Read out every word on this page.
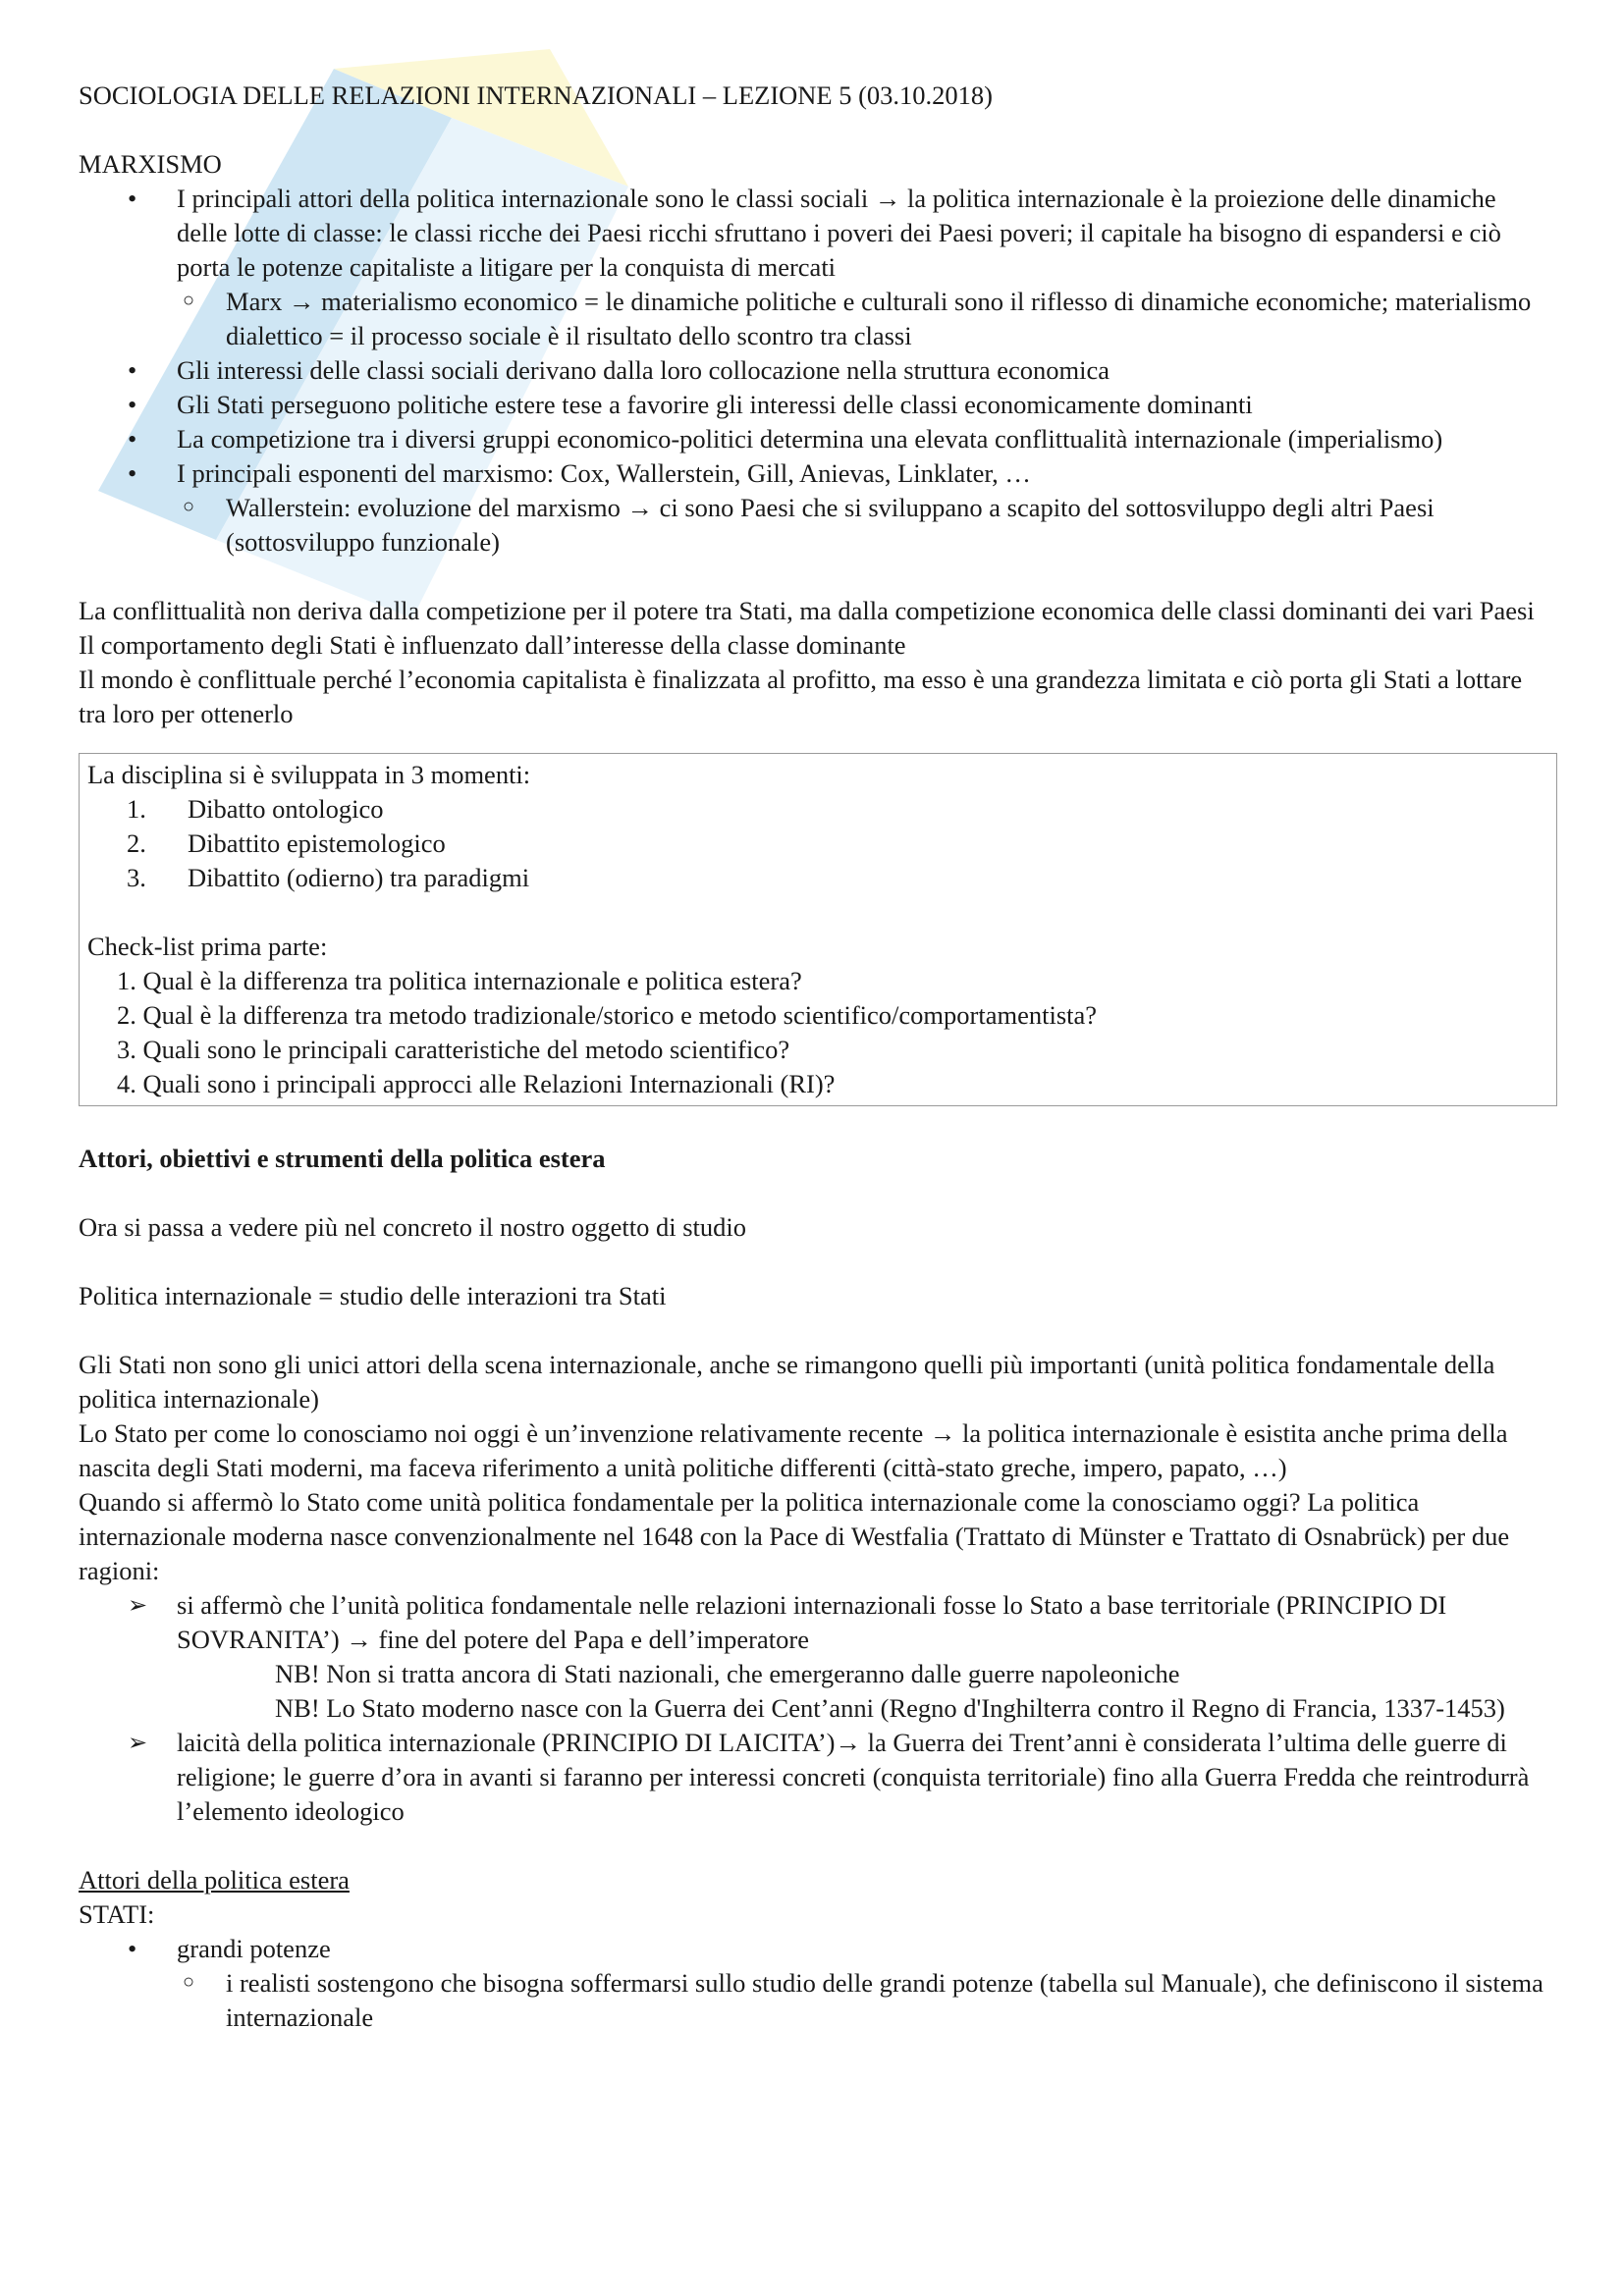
SOCIOLOGIA DELLE RELAZIONI INTERNAZIONALI – LEZIONE 5 (03.10.2018)

MARXISMO

• I principali attori della politica internazionale sono le classi sociali → la politica internazionale è la proiezione delle dinamiche delle lotte di classe: le classi ricche dei Paesi ricchi sfruttano i poveri dei Paesi poveri; il capitale ha bisogno di espandersi e ciò porta le potenze capitaliste a litigare per la conquista di mercati
○ Marx → materialismo economico = le dinamiche politiche e culturali sono il riflesso di dinamiche economiche; materialismo dialettico = il processo sociale è il risultato dello scontro tra classi
• Gli interessi delle classi sociali derivano dalla loro collocazione nella struttura economica
• Gli Stati perseguono politiche estere tese a favorire gli interessi delle classi economicamente dominanti
• La competizione tra i diversi gruppi economico-politici determina una elevata conflittualità internazionale (imperialismo)
• I principali esponenti del marxismo: Cox, Wallerstein, Gill, Anievas, Linklater, …
○ Wallerstein: evoluzione del marxismo → ci sono Paesi che si sviluppano a scapito del sottosviluppo degli altri Paesi (sottosviluppo funzionale)

La conflittualità non deriva dalla competizione per il potere tra Stati, ma dalla competizione economica delle classi dominanti dei vari Paesi

Il comportamento degli Stati è influenzato dall’interesse della classe dominante

Il mondo è conflittuale perché l’economia capitalista è finalizzata al profitto, ma esso è una grandezza limitata e ciò porta gli Stati a lottare tra loro per ottenerlo

La disciplina si è sviluppata in 3 momenti:

1. Dibatto ontologico
2. Dibattito epistemologico
3. Dibattito (odierno) tra paradigmi

Check-list prima parte:

1. Qual è la differenza tra politica internazionale e politica estera?
2. Qual è la differenza tra metodo tradizionale/storico e metodo scientifico/comportamentista?
3. Quali sono le principali caratteristiche del metodo scientifico?
4. Quali sono i principali approcci alle Relazioni Internazionali (RI)?

Attori, obiettivi e strumenti della politica estera

Ora si passa a vedere più nel concreto il nostro oggetto di studio

Politica internazionale = studio delle interazioni tra Stati

Gli Stati non sono gli unici attori della scena internazionale, anche se rimangono quelli più importanti (unità politica fondamentale della politica internazionale)

Lo Stato per come lo conosciamo noi oggi è un’invenzione relativamente recente → la politica internazionale è esistita anche prima della nascita degli Stati moderni, ma faceva riferimento a unità politiche differenti (città-stato greche, impero, papato, …)

Quando si affermò lo Stato come unità politica fondamentale per la politica internazionale come la conosciamo oggi? La politica internazionale moderna nasce convenzionalmente nel 1648 con la Pace di Westfalia (Trattato di Münster e Trattato di Osnabrück) per due ragioni:

➢ si affermò che l’unità politica fondamentale nelle relazioni internazionali fosse lo Stato a base territoriale (PRINCIPIO DI SOVRANITA’) → fine del potere del Papa e dell’imperatore
NB! Non si tratta ancora di Stati nazionali, che emergeranno dalle guerre napoleoniche
NB! Lo Stato moderno nasce con la Guerra dei Cent’anni (Regno d'Inghilterra contro il Regno di Francia, 1337-1453)
➢ laicità della politica internazionale (PRINCIPIO DI LAICITA’)→ la Guerra dei Trent’anni è considerata l’ultima delle guerre di religione; le guerre d’ora in avanti si faranno per interessi concreti (conquista territoriale) fino alla Guerra Fredda che reintrodurrà l’elemento ideologico

Attori della politica estera

STATI:

• grandi potenze
○ i realisti sostengono che bisogna soffermarsi sullo studio delle grandi potenze (tabella sul Manuale), che definiscono il sistema internazionale
